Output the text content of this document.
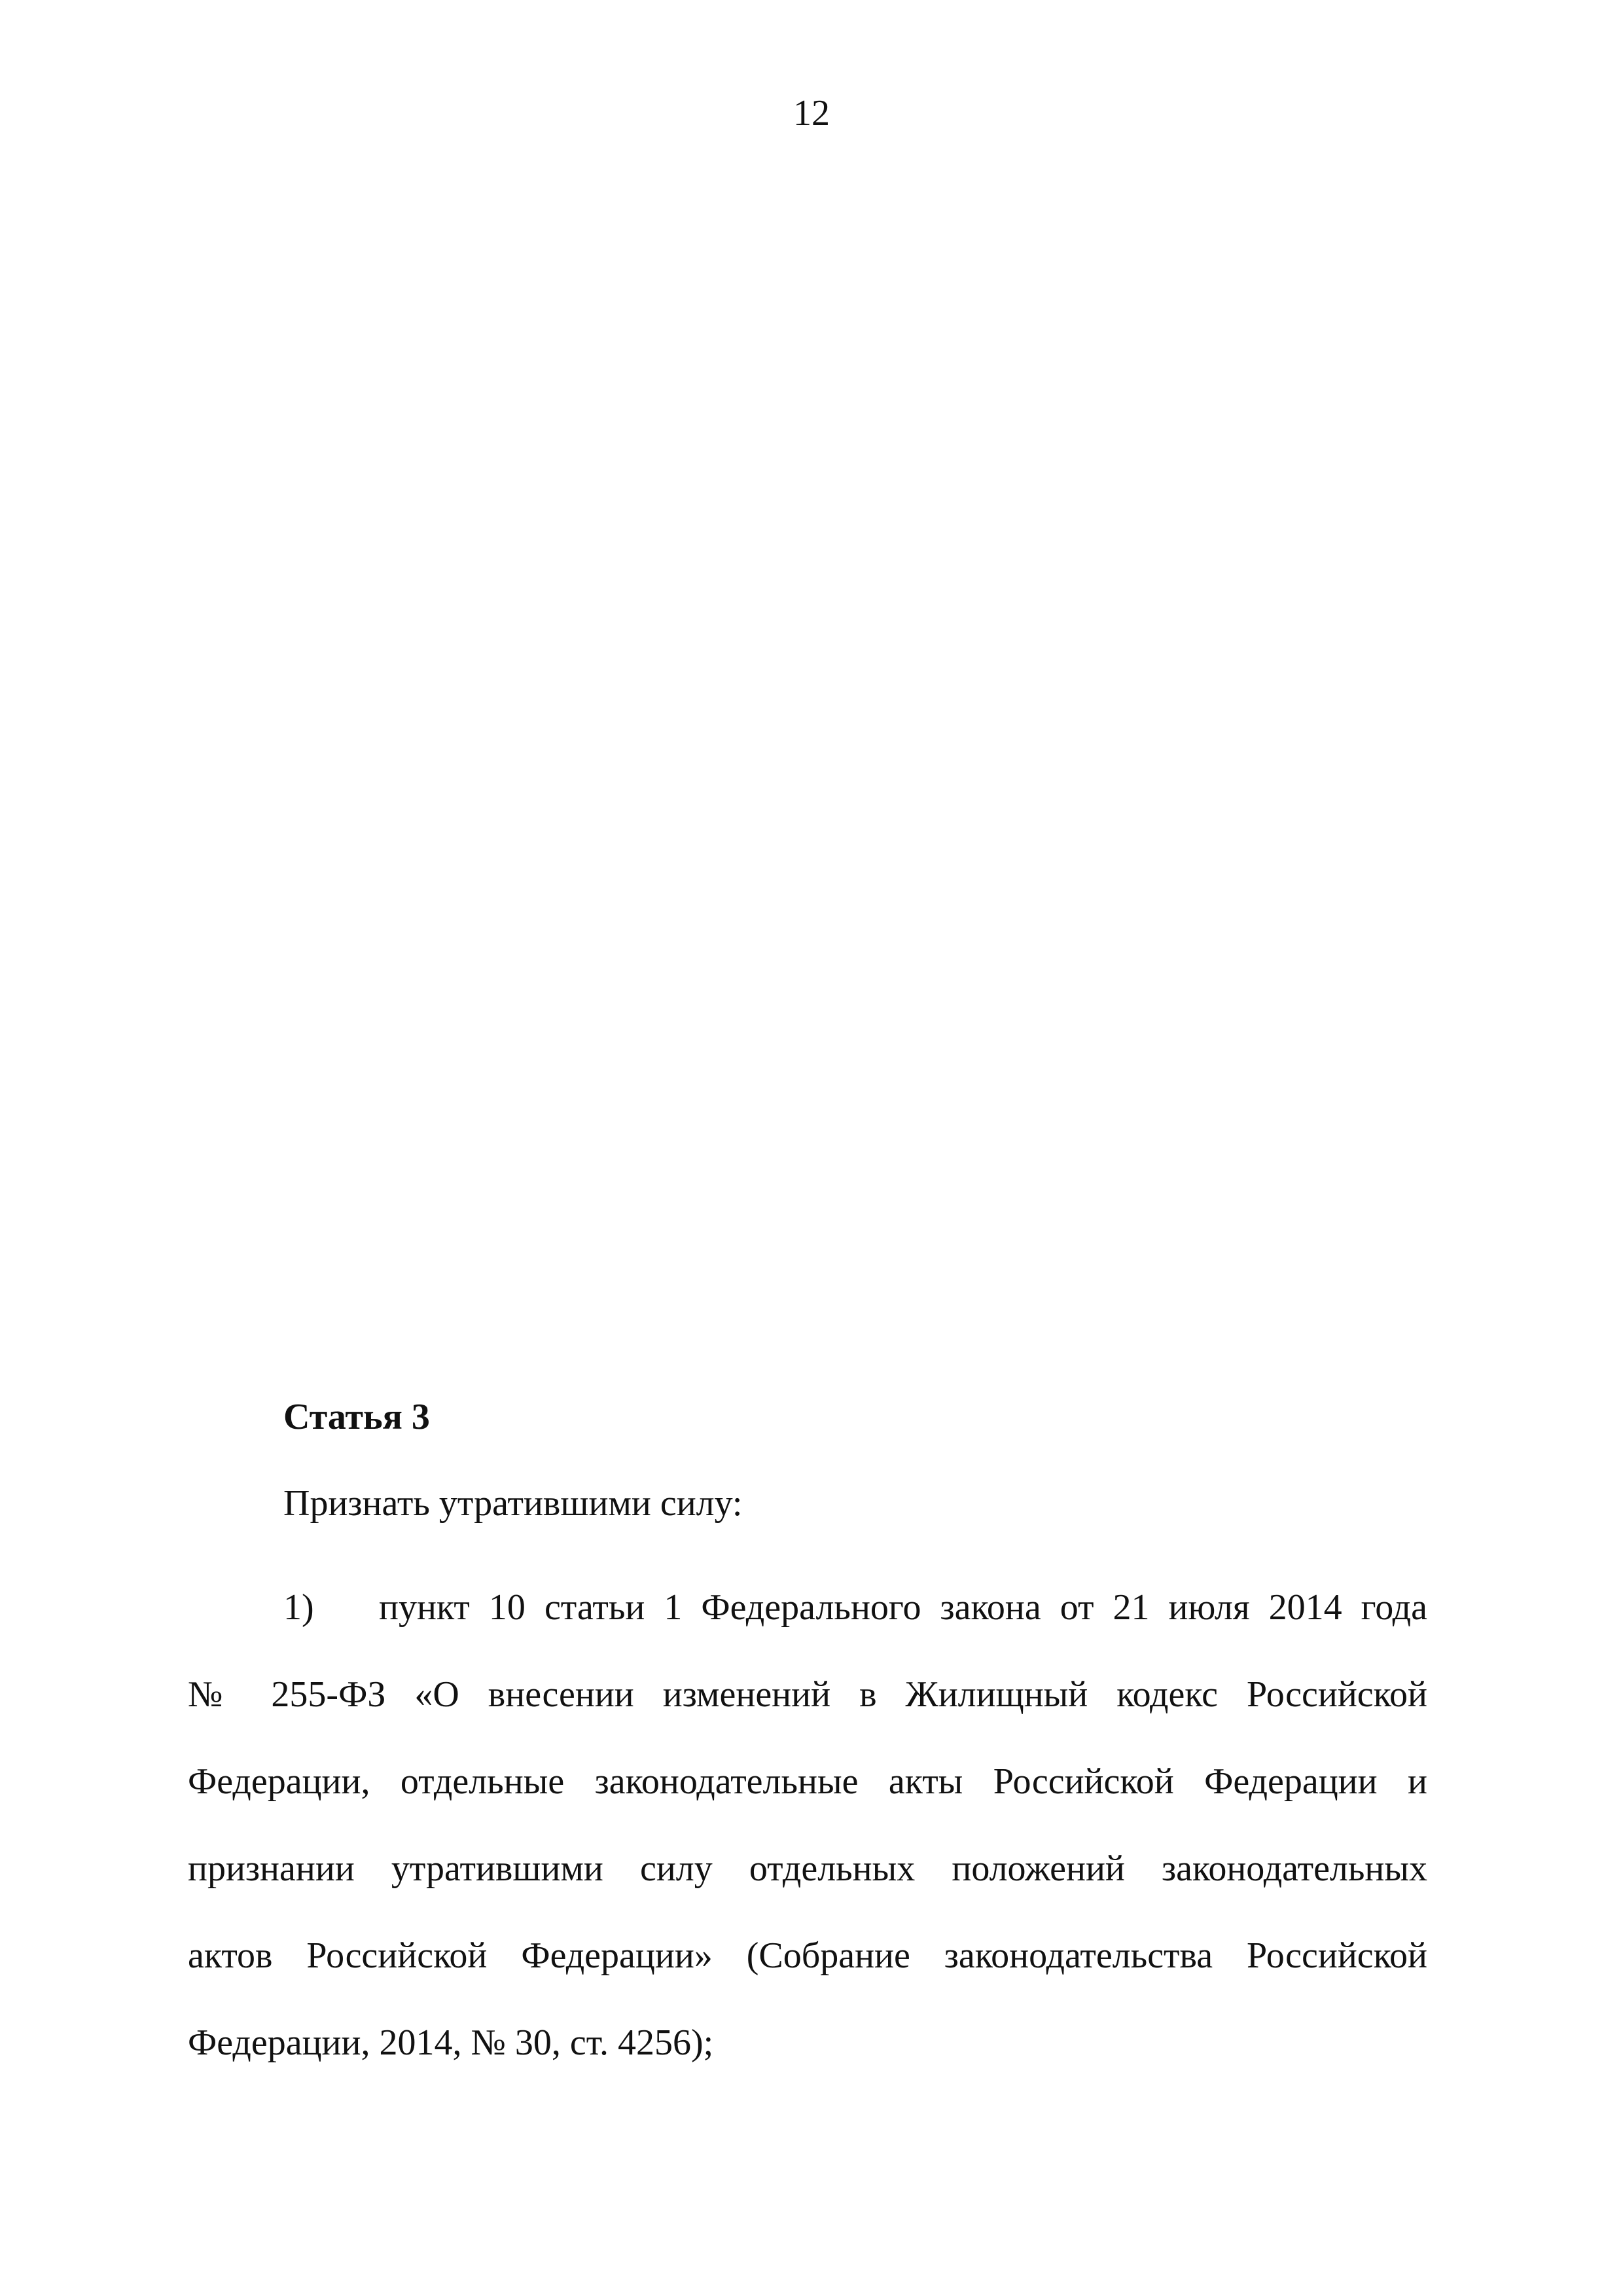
12
Статья 3
Признать утратившими силу:
1) пункт 10 статьи 1 Федерального закона от 21 июля 2014 года
№ 255-ФЗ «О внесении изменений в Жилищный кодекс Российской
Федерации, отдельные законодательные акты Российской Федерации и
признании утратившими силу отдельных положений законодательных
актов Российской Федерации» (Собрание законодательства Российской
Федерации, 2014, № 30, ст. 4256);
